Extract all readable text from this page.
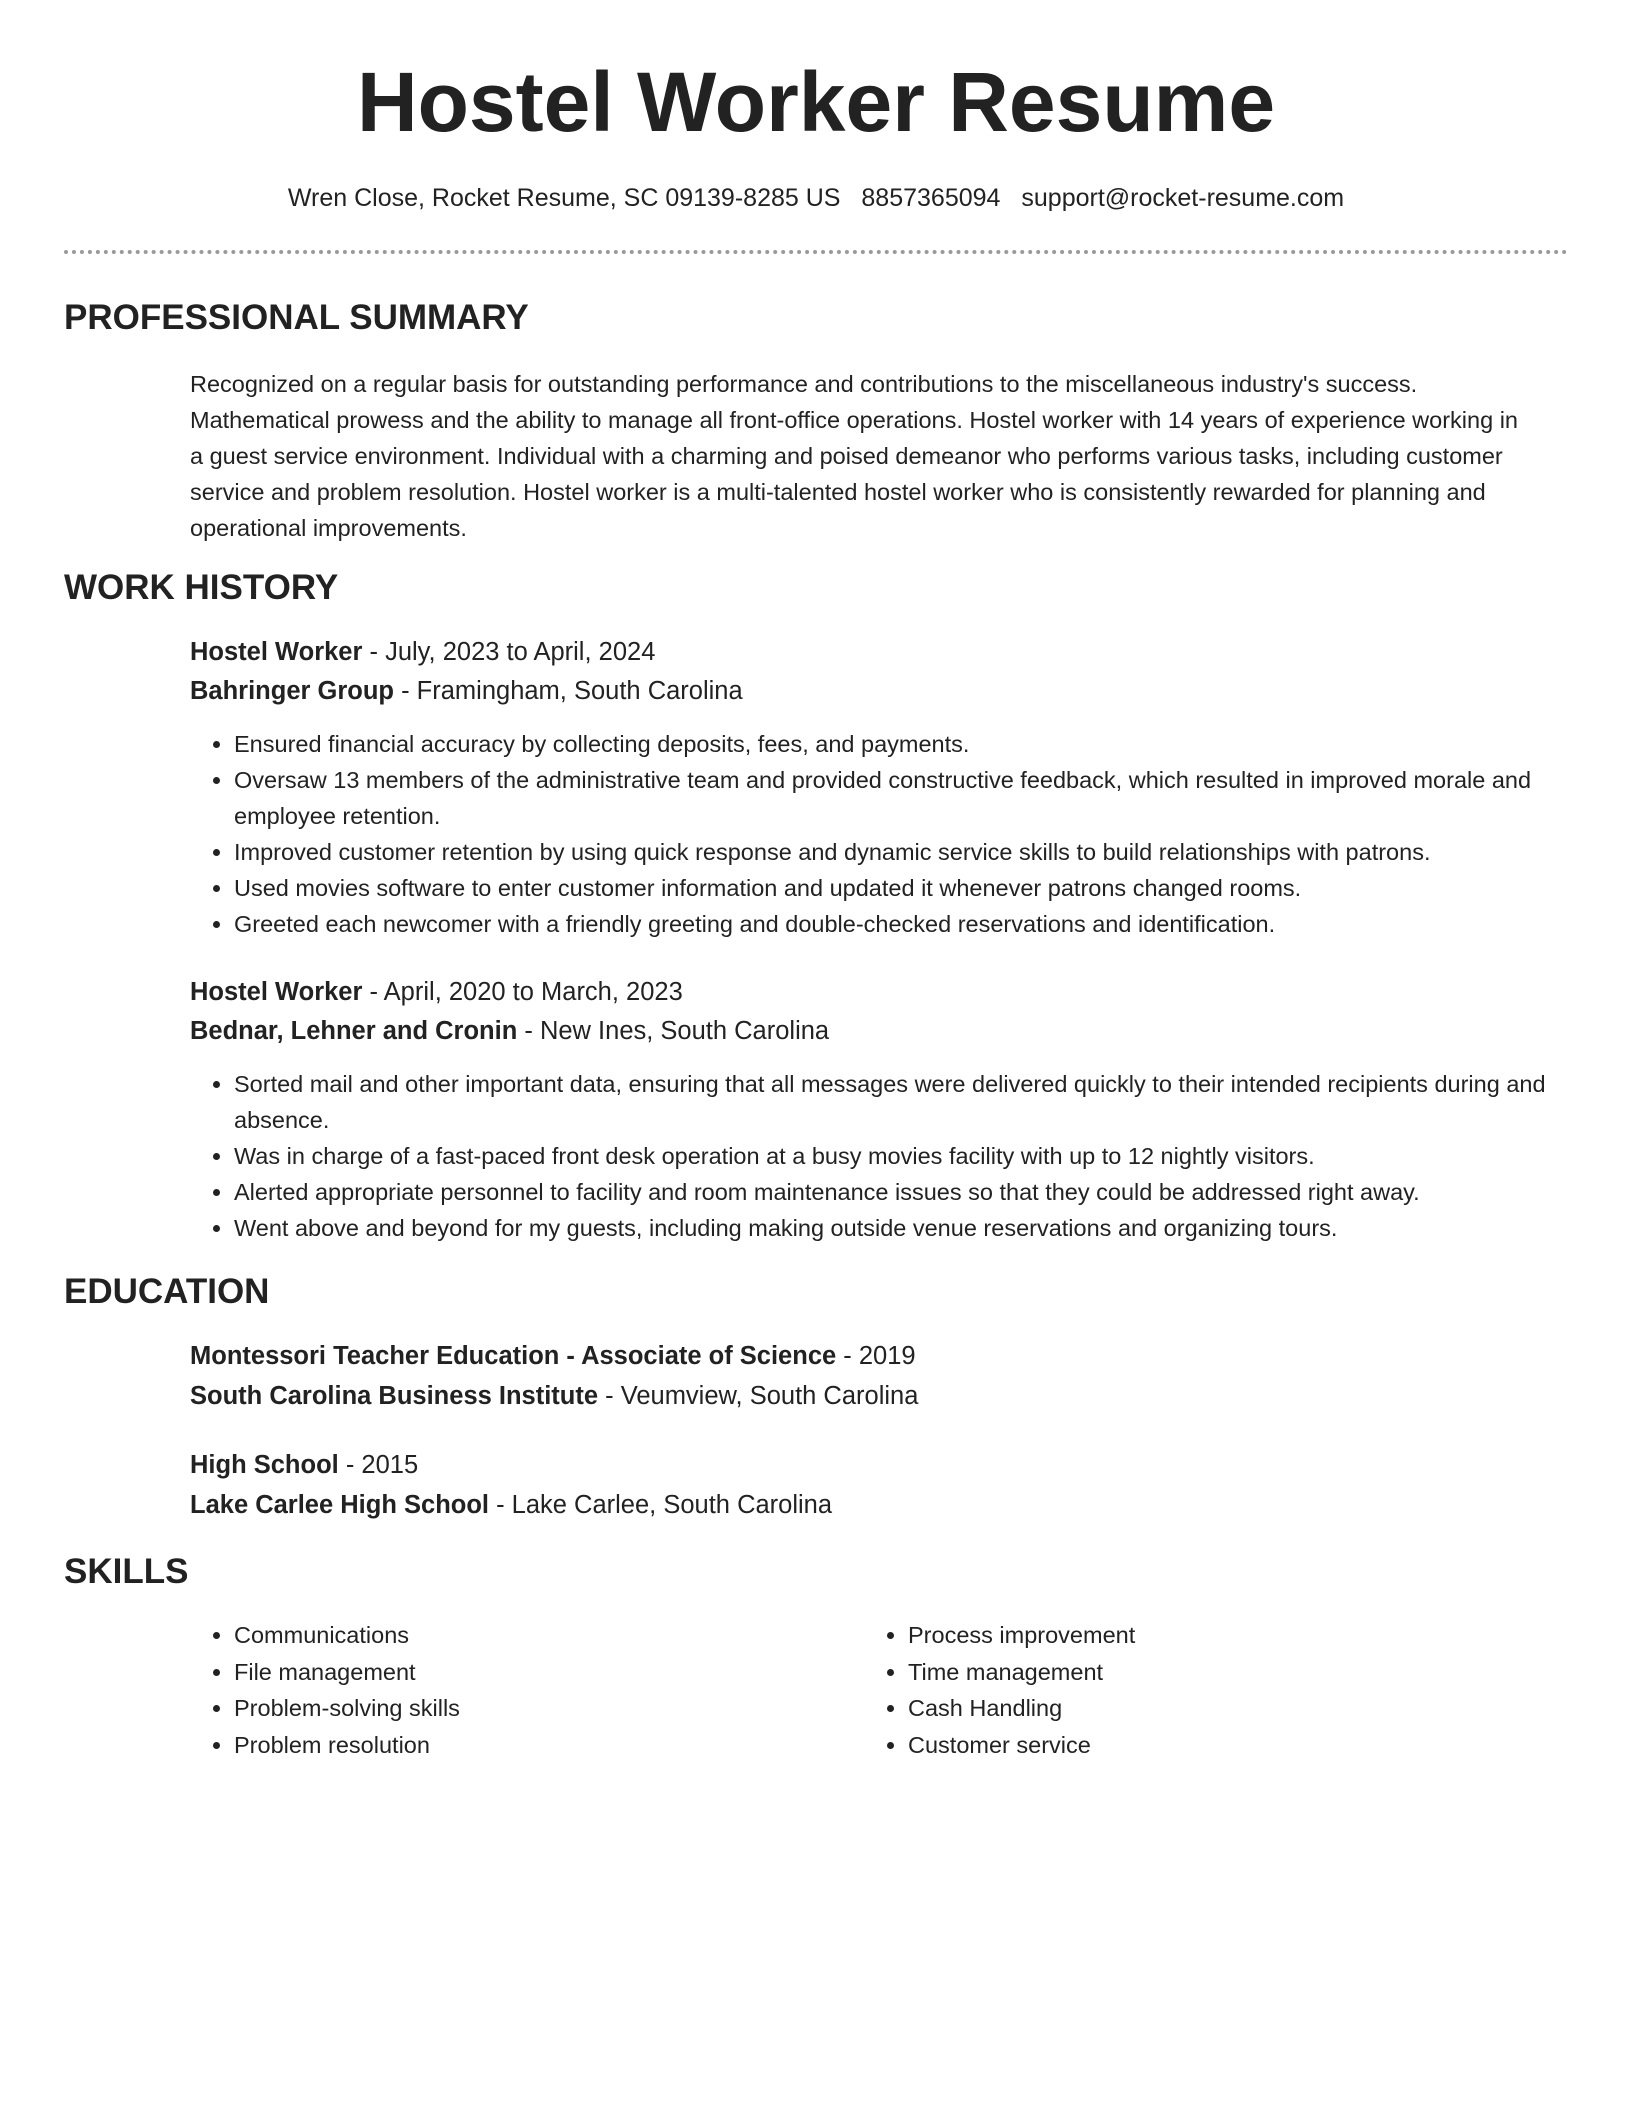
Hostel Worker Resume
Wren Close, Rocket Resume, SC 09139-8285 US 8857365094 support@rocket-resume.com
PROFESSIONAL SUMMARY

Recognized on a regular basis for outstanding performance and contributions to the miscellaneous industry's success. Mathematical prowess and the ability to manage all front-office operations. Hostel worker with 14 years of experience working in a guest service environment. Individual with a charming and poised demeanor who performs various tasks, including customer service and problem resolution. Hostel worker is a multi-talented hostel worker who is consistently rewarded for planning and operational improvements.

WORK HISTORY
Hostel Worker - July, 2023 to April, 2024
Bahringer Group - Framingham, South Carolina
• Ensured financial accuracy by collecting deposits, fees, and payments.
• Oversaw 13 members of the administrative team and provided constructive feedback, which resulted in improved morale and employee retention.
• Improved customer retention by using quick response and dynamic service skills to build relationships with patrons.
• Used movies software to enter customer information and updated it whenever patrons changed rooms.
• Greeted each newcomer with a friendly greeting and double-checked reservations and identification.
Hostel Worker - April, 2020 to March, 2023
Bednar, Lehner and Cronin - New Ines, South Carolina
• Sorted mail and other important data, ensuring that all messages were delivered quickly to their intended recipients during and absence.
• Was in charge of a fast-paced front desk operation at a busy movies facility with up to 12 nightly visitors.
• Alerted appropriate personnel to facility and room maintenance issues so that they could be addressed right away.
• Went above and beyond for my guests, including making outside venue reservations and organizing tours.
EDUCATION
Montessori Teacher Education - Associate of Science - 2019
South Carolina Business Institute - Veumview, South Carolina
High School - 2015
Lake Carlee High School - Lake Carlee, South Carolina
SKILLS
• Communications
• File management
• Problem-solving skills
• Problem resolution
• Process improvement
• Time management
• Cash Handling
• Customer service
